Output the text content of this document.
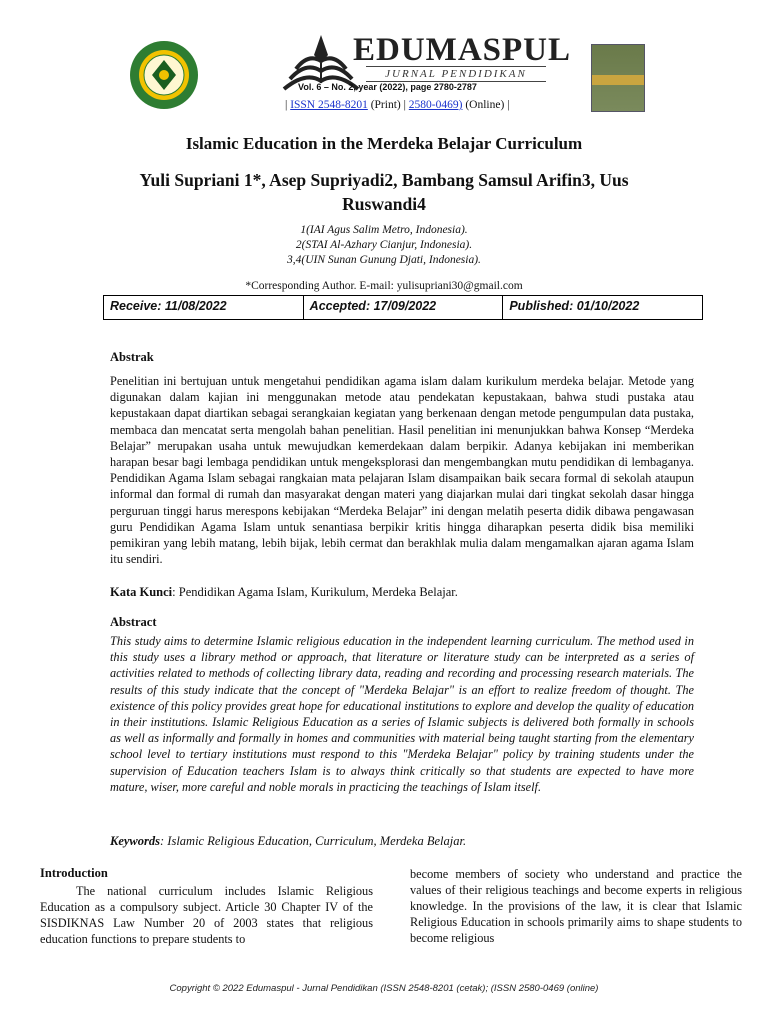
EDUMASPUL
JURNAL PENDIDIKAN
Vol. 6 – No. 2, year (2022), page 2780-2787
| ISSN 2548-8201 (Print) | 2580-0469) (Online) |
Islamic Education in the Merdeka Belajar Curriculum
Yuli Supriani 1*, Asep Supriyadi2, Bambang Samsul Arifin3, Uus
Ruswandi4
1(IAI Agus Salim Metro, Indonesia).
2(STAI Al-Azhary Cianjur, Indonesia).
3,4(UIN Sunan Gunung Djati, Indonesia).
*Corresponding Author. E-mail: yulisupriani30@gmail.com
Receive: 11/08/2022	Accepted: 17/09/2022	Published: 01/10/2022
Abstrak
Penelitian ini bertujuan untuk mengetahui pendidikan agama islam dalam kurikulum merdeka belajar. Metode yang digunakan dalam kajian ini menggunakan metode atau pendekatan kepustakaan, bahwa studi pustaka atau kepustakaan dapat diartikan sebagai serangkaian kegiatan yang berkenaan dengan metode pengumpulan data pustaka, membaca dan mencatat serta mengolah bahan penelitian. Hasil penelitian ini menunjukkan bahwa Konsep “Merdeka Belajar” merupakan usaha untuk mewujudkan kemerdekaan dalam berpikir. Adanya kebijakan ini memberikan harapan besar bagi lembaga pendidikan untuk mengeksplorasi dan mengembangkan mutu pendidikan di lembaganya. Pendidikan Agama Islam sebagai rangkaian mata pelajaran Islam disampaikan baik secara formal di sekolah ataupun informal dan formal di rumah dan masyarakat dengan materi yang diajarkan mulai dari tingkat sekolah dasar hingga perguruan tinggi harus merespons kebijakan “Merdeka Belajar” ini dengan melatih peserta didik dibawa pengawasan guru Pendidikan Agama Islam untuk senantiasa berpikir kritis hingga diharapkan peserta didik bisa memiliki pemikiran yang lebih matang, lebih bijak, lebih cermat dan berakhlak mulia dalam mengamalkan ajaran agama Islam itu sendiri.
Kata Kunci: Pendidikan Agama Islam, Kurikulum, Merdeka Belajar.
Abstract
This study aims to determine Islamic religious education in the independent learning curriculum. The method used in this study uses a library method or approach, that literature or literature study can be interpreted as a series of activities related to methods of collecting library data, reading and recording and processing research materials. The results of this study indicate that the concept of "Merdeka Belajar" is an effort to realize freedom of thought. The existence of this policy provides great hope for educational institutions to explore and develop the quality of education in their institutions. Islamic Religious Education as a series of Islamic subjects is delivered both formally in schools as well as informally and formally in homes and communities with material being taught starting from the elementary school level to tertiary institutions must respond to this "Merdeka Belajar" policy by training students under the supervision of Education teachers Islam is to always think critically so that students are expected to have more mature, wiser, more careful and noble morals in practicing the teachings of Islam itself.
Keywords: Islamic Religious Education, Curriculum, Merdeka Belajar.
Introduction
The national curriculum includes Islamic Religious Education as a compulsory subject. Article 30 Chapter IV of the SISDIKNAS Law Number 20 of 2003 states that religious education functions to prepare students to
become members of society who understand and practice the values of their religious teachings and become experts in religious knowledge. In the provisions of the law, it is clear that Islamic Religious Education in schools primarily aims to shape students to become religious
Copyright © 2022 Edumaspul - Jurnal Pendidikan (ISSN 2548-8201 (cetak); (ISSN 2580-0469 (online)
